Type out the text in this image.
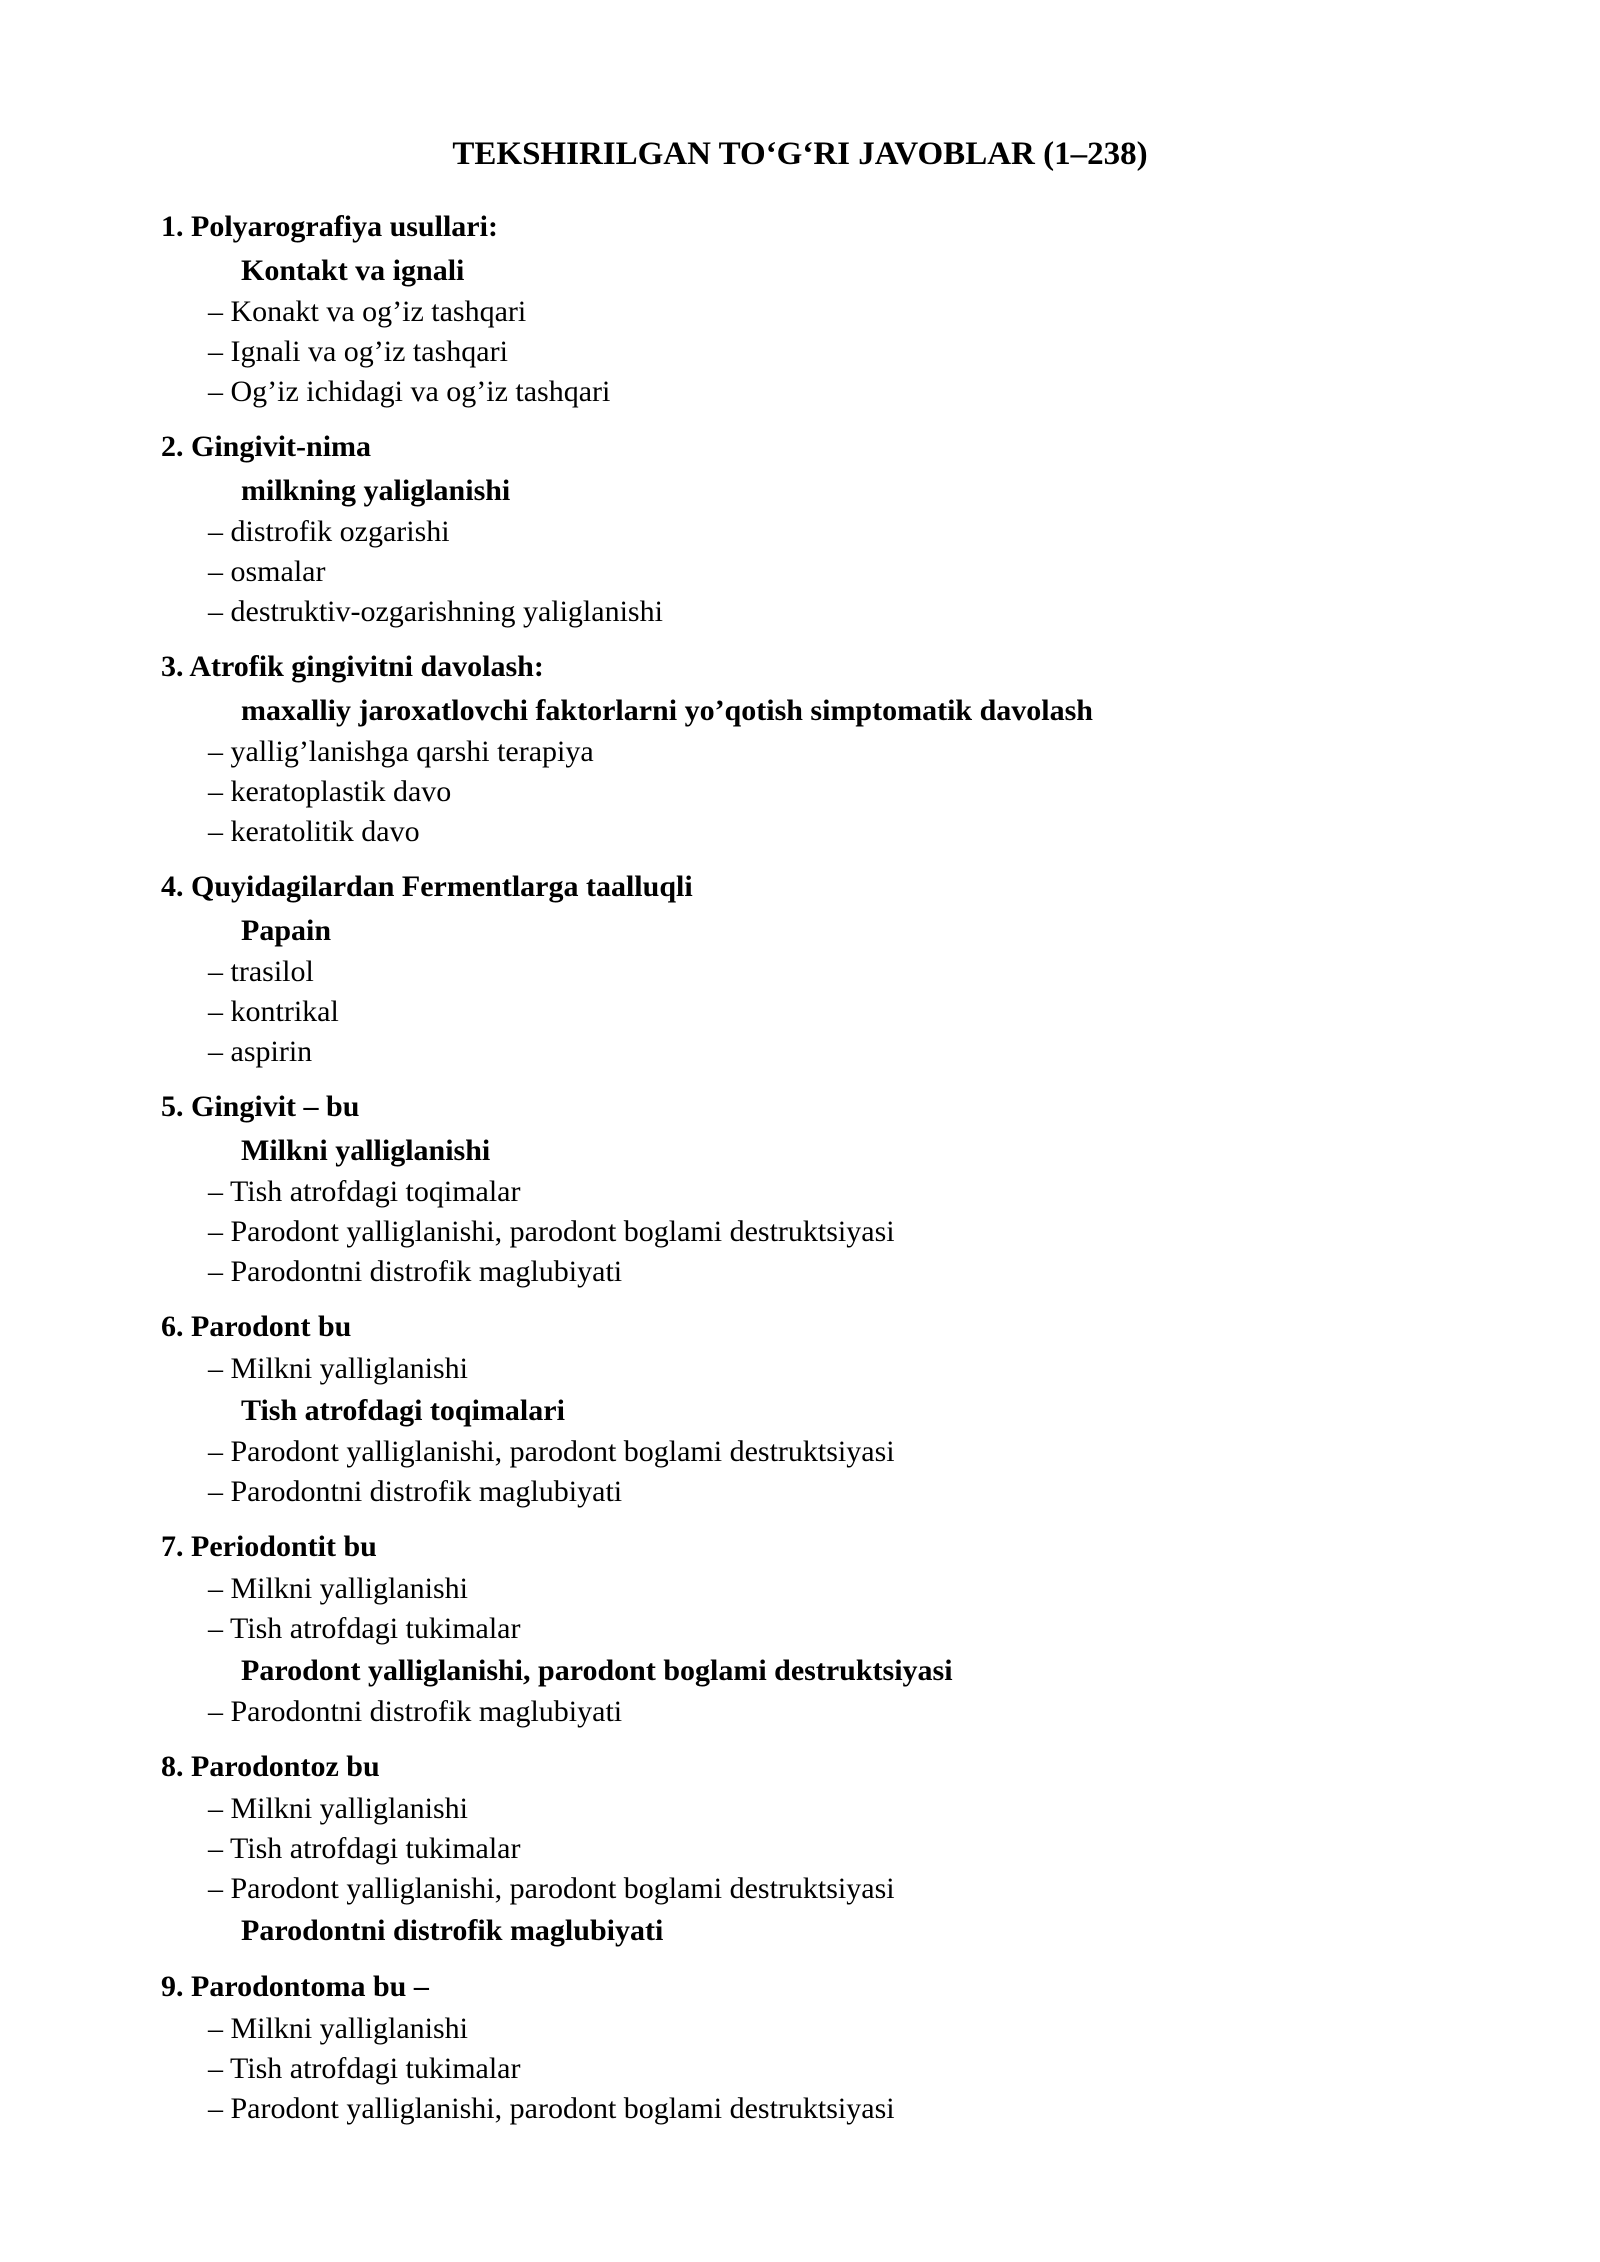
TEKSHIRILGAN TO‘G‘RI JAVOBLAR (1–238)
1. Polyarografiya usullari:
Kontakt va ignali
– Konakt va og’iz tashqari
– Ignali va og’iz tashqari
– Og’iz ichidagi va og’iz tashqari
2. Gingivit-nima
milkning yaliglanishi
– distrofik ozgarishi
– osmalar
– destruktiv-ozgarishning yaliglanishi
3. Atrofik gingivitni davolash:
maxalliy jaroxatlovchi faktorlarni yo’qotish simptomatik davolash
– yallig’lanishga qarshi terapiya
– keratoplastik davo
– keratolitik davo
4. Quyidagilardan Fermentlarga taalluqli
Papain
– trasilol
– kontrikal
– aspirin
5. Gingivit – bu
Milkni yalliglanishi
– Tish atrofdagi toqimalar
– Parodont yalliglanishi, parodont boglami destruktsiyasi
– Parodontni distrofik maglubiyati
6. Parodont bu
– Milkni yalliglanishi
Tish atrofdagi toqimalari
– Parodont yalliglanishi, parodont boglami destruktsiyasi
– Parodontni distrofik maglubiyati
7. Periodontit bu
– Milkni yalliglanishi
– Tish atrofdagi tukimalar
Parodont yalliglanishi, parodont boglami destruktsiyasi
– Parodontni distrofik maglubiyati
8. Parodontoz bu
– Milkni yalliglanishi
– Tish atrofdagi tukimalar
– Parodont yalliglanishi, parodont boglami destruktsiyasi
Parodontni distrofik maglubiyati
9. Parodontoma bu –
– Milkni yalliglanishi
– Tish atrofdagi tukimalar
– Parodont yalliglanishi, parodont boglami destruktsiyasi
